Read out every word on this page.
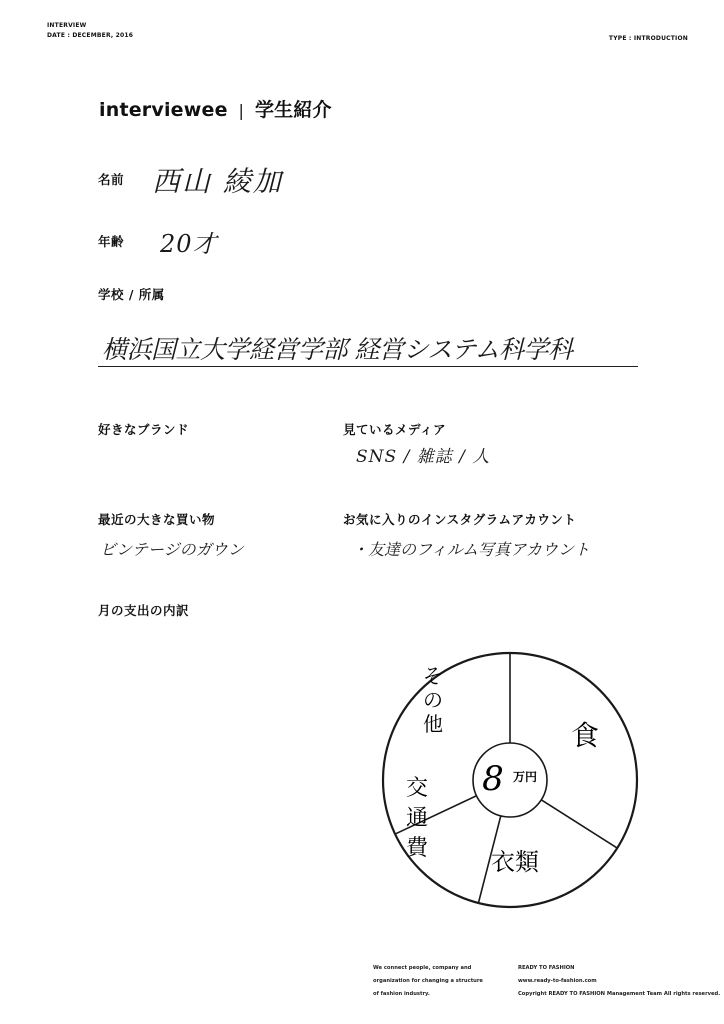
INTERVIEW
DATE : DECEMBER, 2016	TYPE : INTRODUCTION
interviewee | 学生紹介
名前 西山 綾加
年齢 20才
学校 / 所属
横浜国立大学経営学部 経営システム科学科
好きなブランド	見ているメディア
SNS / 雑誌 / 人
最近の大きな買い物
ビンテージのガウン
お気に入りのインスタグラムアカウント
・友達のフィルム写真アカウント
月の支出の内訳
食
衣類
交通費
その他
8 万円
We connect people, company and
organization for changing a structure
of fashion industry.
READY TO FASHION
www.ready-to-fashion.com
Copyright READY TO FASHION Management Team All rights reserved.
